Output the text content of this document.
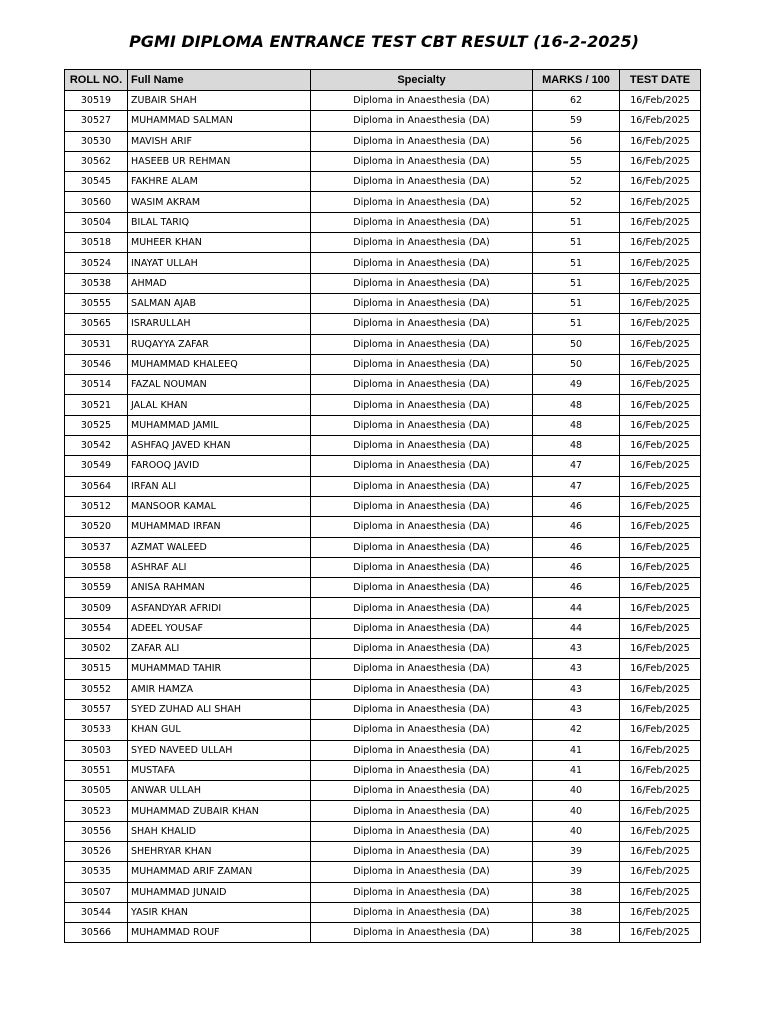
PGMI DIPLOMA ENTRANCE TEST CBT RESULT (16-2-2025)
ROLL NO.	Full Name	Specialty	MARKS / 100	TEST DATE
30519	ZUBAIR SHAH	Diploma in Anaesthesia (DA)	62	16/Feb/2025
30527	MUHAMMAD SALMAN	Diploma in Anaesthesia (DA)	59	16/Feb/2025
30530	MAVISH ARIF	Diploma in Anaesthesia (DA)	56	16/Feb/2025
30562	HASEEB UR REHMAN	Diploma in Anaesthesia (DA)	55	16/Feb/2025
30545	FAKHRE ALAM	Diploma in Anaesthesia (DA)	52	16/Feb/2025
30560	WASIM AKRAM	Diploma in Anaesthesia (DA)	52	16/Feb/2025
30504	BILAL TARIQ	Diploma in Anaesthesia (DA)	51	16/Feb/2025
30518	MUHEER KHAN	Diploma in Anaesthesia (DA)	51	16/Feb/2025
30524	INAYAT ULLAH	Diploma in Anaesthesia (DA)	51	16/Feb/2025
30538	AHMAD	Diploma in Anaesthesia (DA)	51	16/Feb/2025
30555	SALMAN AJAB	Diploma in Anaesthesia (DA)	51	16/Feb/2025
30565	ISRARULLAH	Diploma in Anaesthesia (DA)	51	16/Feb/2025
30531	RUQAYYA ZAFAR	Diploma in Anaesthesia (DA)	50	16/Feb/2025
30546	MUHAMMAD KHALEEQ	Diploma in Anaesthesia (DA)	50	16/Feb/2025
30514	FAZAL NOUMAN	Diploma in Anaesthesia (DA)	49	16/Feb/2025
30521	JALAL KHAN	Diploma in Anaesthesia (DA)	48	16/Feb/2025
30525	MUHAMMAD JAMIL	Diploma in Anaesthesia (DA)	48	16/Feb/2025
30542	ASHFAQ JAVED KHAN	Diploma in Anaesthesia (DA)	48	16/Feb/2025
30549	FAROOQ JAVID	Diploma in Anaesthesia (DA)	47	16/Feb/2025
30564	IRFAN ALI	Diploma in Anaesthesia (DA)	47	16/Feb/2025
30512	MANSOOR KAMAL	Diploma in Anaesthesia (DA)	46	16/Feb/2025
30520	MUHAMMAD IRFAN	Diploma in Anaesthesia (DA)	46	16/Feb/2025
30537	AZMAT WALEED	Diploma in Anaesthesia (DA)	46	16/Feb/2025
30558	ASHRAF ALI	Diploma in Anaesthesia (DA)	46	16/Feb/2025
30559	ANISA RAHMAN	Diploma in Anaesthesia (DA)	46	16/Feb/2025
30509	ASFANDYAR AFRIDI	Diploma in Anaesthesia (DA)	44	16/Feb/2025
30554	ADEEL YOUSAF	Diploma in Anaesthesia (DA)	44	16/Feb/2025
30502	ZAFAR ALI	Diploma in Anaesthesia (DA)	43	16/Feb/2025
30515	MUHAMMAD TAHIR	Diploma in Anaesthesia (DA)	43	16/Feb/2025
30552	AMIR HAMZA	Diploma in Anaesthesia (DA)	43	16/Feb/2025
30557	SYED ZUHAD ALI SHAH	Diploma in Anaesthesia (DA)	43	16/Feb/2025
30533	KHAN GUL	Diploma in Anaesthesia (DA)	42	16/Feb/2025
30503	SYED NAVEED ULLAH	Diploma in Anaesthesia (DA)	41	16/Feb/2025
30551	MUSTAFA	Diploma in Anaesthesia (DA)	41	16/Feb/2025
30505	ANWAR ULLAH	Diploma in Anaesthesia (DA)	40	16/Feb/2025
30523	MUHAMMAD ZUBAIR KHAN	Diploma in Anaesthesia (DA)	40	16/Feb/2025
30556	SHAH KHALID	Diploma in Anaesthesia (DA)	40	16/Feb/2025
30526	SHEHRYAR KHAN	Diploma in Anaesthesia (DA)	39	16/Feb/2025
30535	MUHAMMAD ARIF ZAMAN	Diploma in Anaesthesia (DA)	39	16/Feb/2025
30507	MUHAMMAD JUNAID	Diploma in Anaesthesia (DA)	38	16/Feb/2025
30544	YASIR KHAN	Diploma in Anaesthesia (DA)	38	16/Feb/2025
30566	MUHAMMAD ROUF	Diploma in Anaesthesia (DA)	38	16/Feb/2025
